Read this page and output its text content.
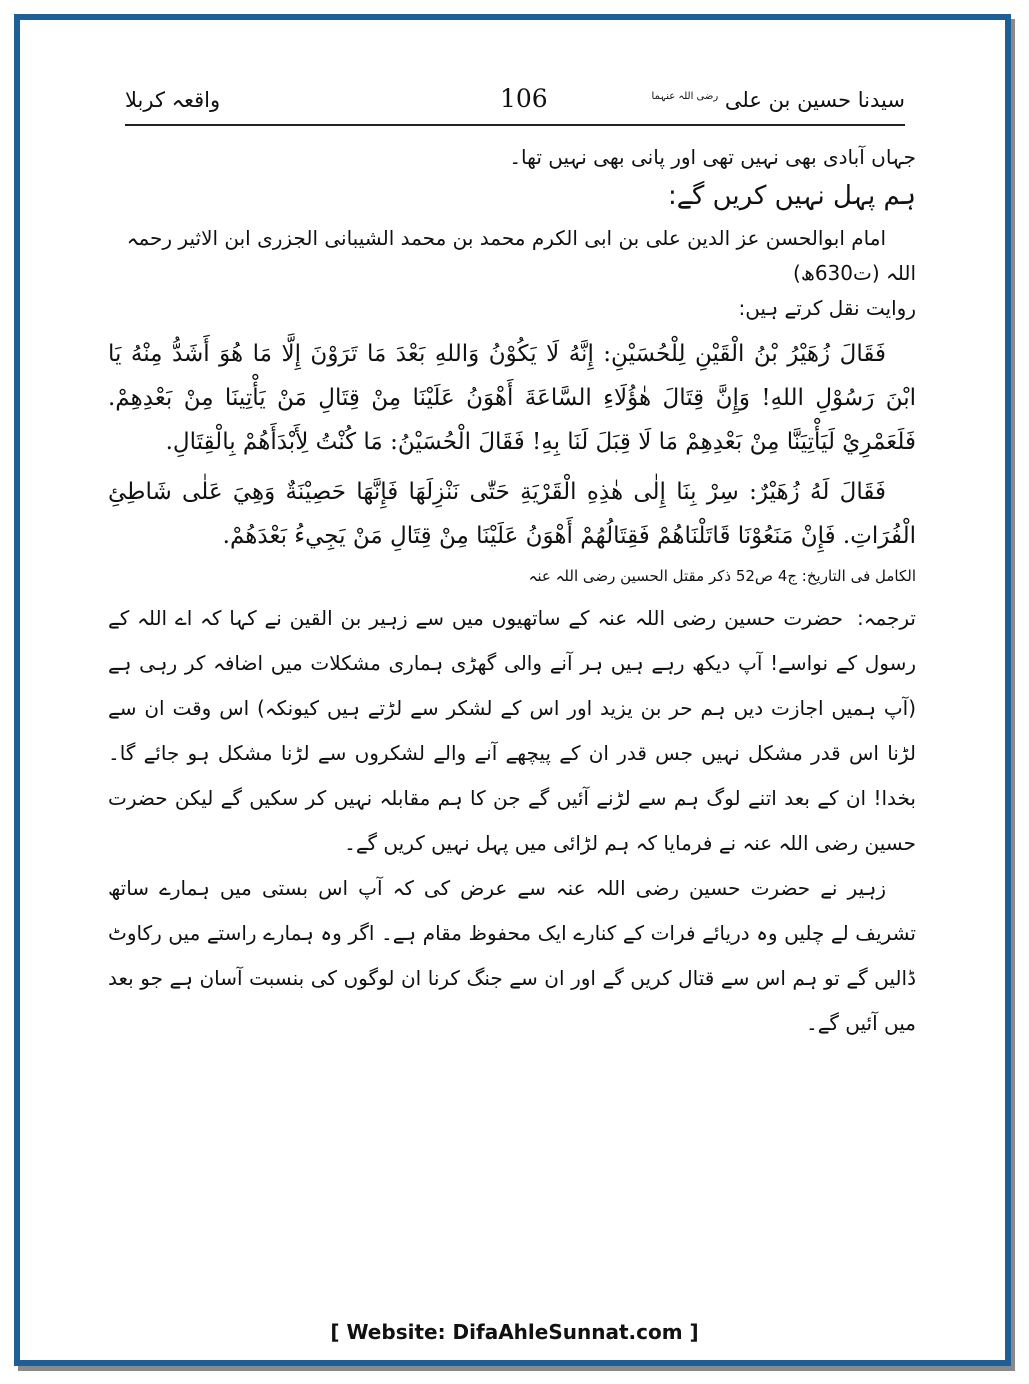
سیدنا حسین بن علی $^{رضی اللہ عنہما}$
106
واقعہ کربلا

جہاں آبادی بھی نہیں تھی اور پانی بھی نہیں تھا۔

ہم پہل نہیں کریں گے:

امام ابوالحسن عز الدین علی بن ابی الکرم محمد بن محمد الشیبانی الجزری ابن الاثیر رحمہ اللہ (ت630ھ)

روایت نقل کرتے ہیں:

فَقَالَ زُهَيْرُ بْنُ الْقَيْنِ لِلْحُسَيْنِ: إِنَّهُ لَا يَكُوْنُ وَاللهِ بَعْدَ مَا تَرَوْنَ إِلَّا مَا هُوَ أَشَدُّ مِنْهُ يَا ابْنَ رَسُوْلِ اللهِ! وَإِنَّ قِتَالَ هٰؤُلَاءِ السَّاعَةَ أَهْوَنُ عَلَيْنَا مِنْ قِتَالِ مَنْ يَأْتِينَا مِنْ بَعْدِهِمْ. فَلَعَمْرِيْ لَيَأْتِيَنَّا مِنْ بَعْدِهِمْ مَا لَا قِبَلَ لَنَا بِهِ! فَقَالَ الْحُسَيْنُ: مَا كُنْتُ لِأَبْدَأَهُمْ بِالْقِتَالِ.

فَقَالَ لَهُ زُهَيْرٌ: سِرْ بِنَا إِلٰى هٰذِهِ الْقَرْيَةِ حَتّٰى نَنْزِلَهَا فَإِنَّهَا حَصِيْنَةٌ وَهِيَ عَلٰى شَاطِئِ الْفُرَاتِ. فَإِنْ مَنَعُوْنَا قَاتَلْنَاهُمْ فَقِتَالُهُمْ أَهْوَنُ عَلَيْنَا مِنْ قِتَالِ مَنْ يَجِيءُ بَعْدَهُمْ.

الکامل فی التاریخ: ج4 ص52 ذکر مقتل الحسین رضی اللہ عنہ

ترجمہ:حضرت حسین رضی اللہ عنہ کے ساتھیوں میں سے زہیر بن القین نے کہا کہ اے اللہ کے رسول کے نواسے! آپ دیکھ رہے ہیں ہر آنے والی گھڑی ہماری مشکلات میں اضافہ کر رہی ہے (آپ ہمیں اجازت دیں ہم حر بن یزید اور اس کے لشکر سے لڑتے ہیں کیونکہ) اس وقت ان سے لڑنا اس قدر مشکل نہیں جس قدر ان کے پیچھے آنے والے لشکروں سے لڑنا مشکل ہو جائے گا۔ بخدا! ان کے بعد اتنے لوگ ہم سے لڑنے آئیں گے جن کا ہم مقابلہ نہیں کر سکیں گے لیکن حضرت حسین رضی اللہ عنہ نے فرمایا کہ ہم لڑائی میں پہل نہیں کریں گے۔

زہیر نے حضرت حسین رضی اللہ عنہ سے عرض کی کہ آپ اس بستی میں ہمارے ساتھ تشریف لے چلیں وہ دریائے فرات کے کنارے ایک محفوظ مقام ہے۔ اگر وہ ہمارے راستے میں رکاوٹ ڈالیں گے تو ہم اس سے قتال کریں گے اور ان سے جنگ کرنا ان لوگوں کی بنسبت آسان ہے جو بعد میں آئیں گے۔

[ Website: DifaAhleSunnat.com ]
